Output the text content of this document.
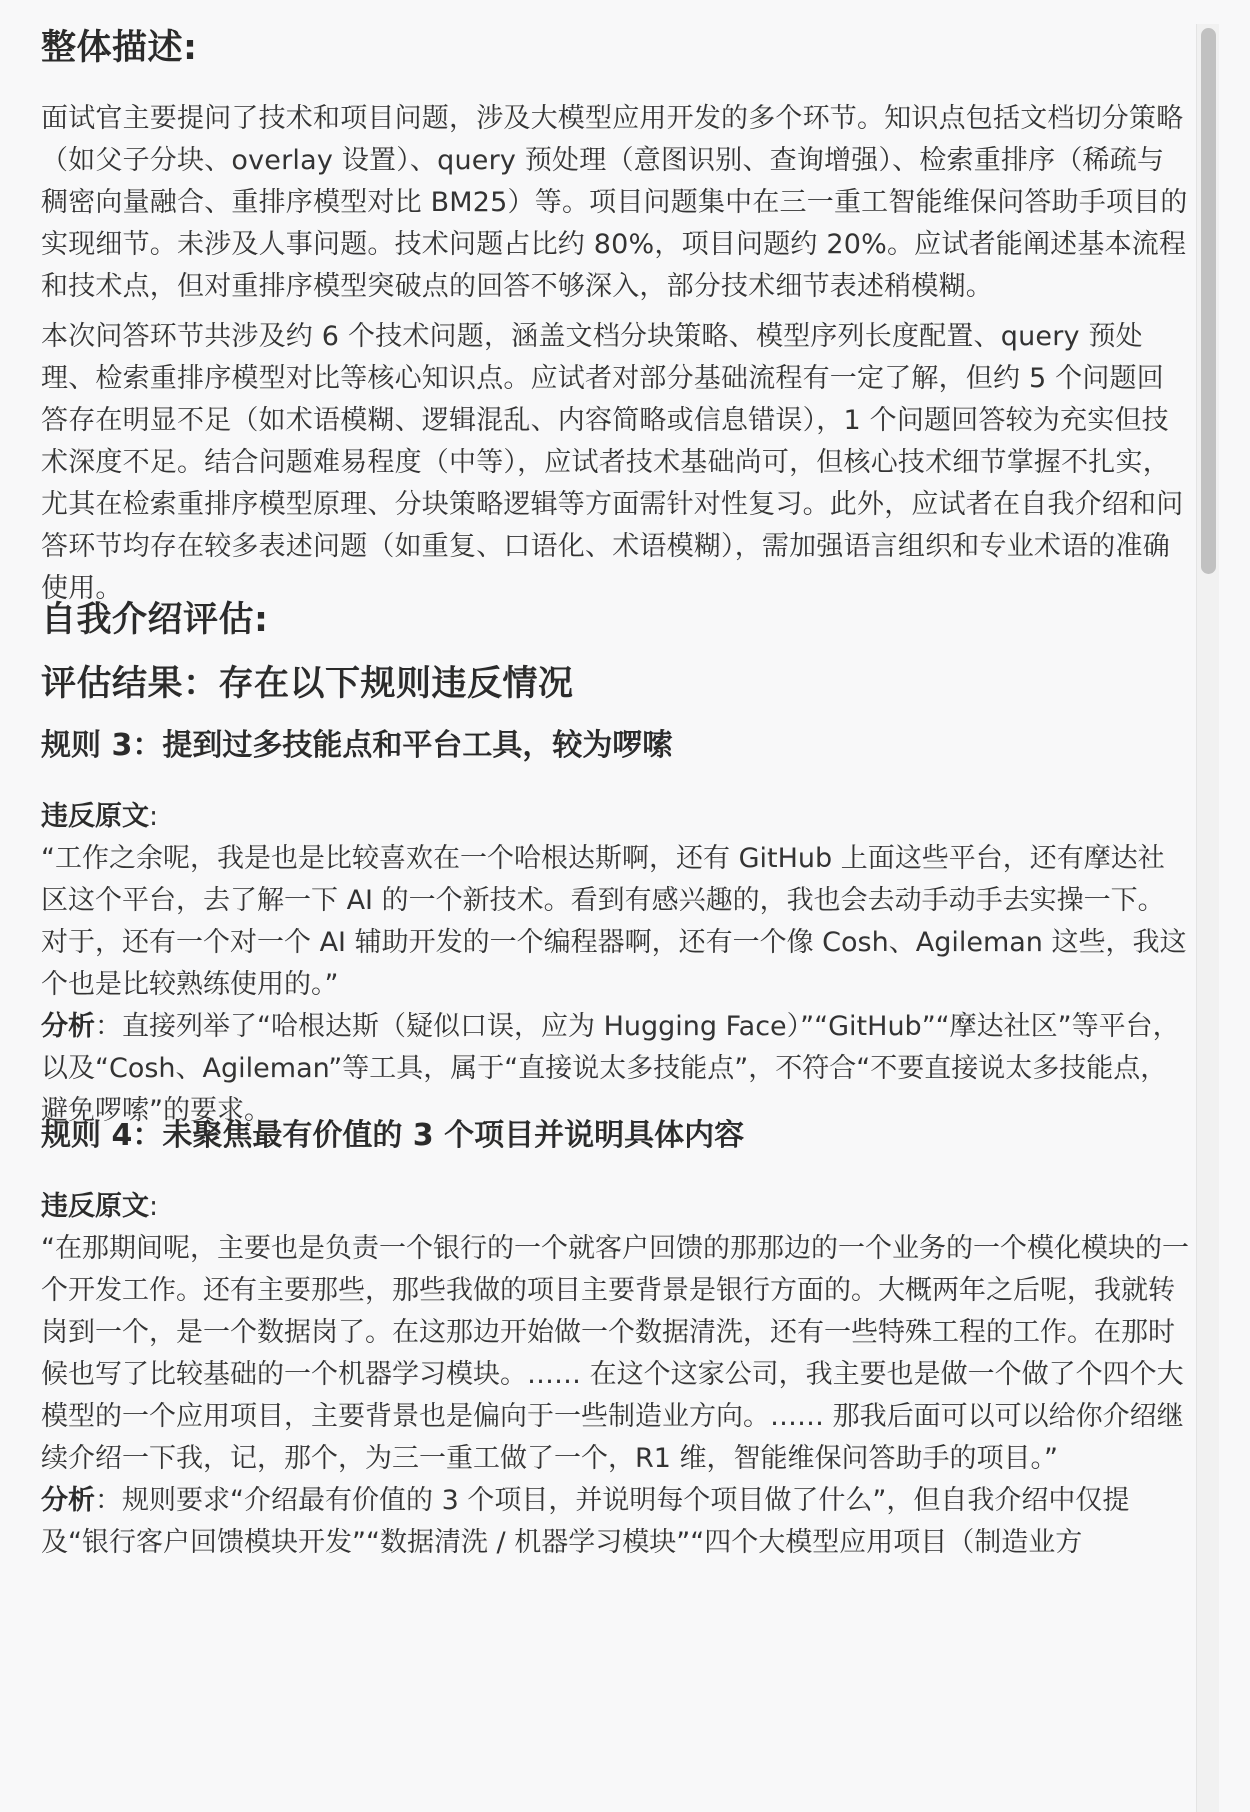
整体描述:

面试官主要提问了技术和项目问题，涉及大模型应用开发的多个环节。知识点包括文档切分策略（如父子分块、overlay 设置）、query 预处理（意图识别、查询增强）、检索重排序（稀疏与稠密向量融合、重排序模型对比 BM25）等。项目问题集中在三一重工智能维保问答助手项目的实现细节。未涉及人事问题。技术问题占比约 80%，项目问题约 20%。应试者能阐述基本流程和技术点，但对重排序模型突破点的回答不够深入，部分技术细节表述稍模糊。

本次问答环节共涉及约 6 个技术问题，涵盖文档分块策略、模型序列长度配置、query 预处理、检索重排序模型对比等核心知识点。应试者对部分基础流程有一定了解，但约 5 个问题回答存在明显不足（如术语模糊、逻辑混乱、内容简略或信息错误），1 个问题回答较为充实但技术深度不足。结合问题难易程度（中等），应试者技术基础尚可，但核心技术细节掌握不扎实，尤其在检索重排序模型原理、分块策略逻辑等方面需针对性复习。此外，应试者在自我介绍和问答环节均存在较多表述问题（如重复、口语化、术语模糊），需加强语言组织和专业术语的准确使用。

自我介绍评估:
评估结果：存在以下规则违反情况
规则 3：提到过多技能点和平台工具，较为啰嗦
违反原文:
“工作之余呢，我是也是比较喜欢在一个哈根达斯啊，还有 GitHub 上面这些平台，还有摩达社区这个平台，去了解一下 AI 的一个新技术。看到有感兴趣的，我也会去动手动手去实操一下。对于，还有一个对一个 AI 辅助开发的一个编程器啊，还有一个像 Cosh、Agileman 这些，我这个也是比较熟练使用的。”
分析：直接列举了“哈根达斯（疑似口误，应为 Hugging Face）”“GitHub”“摩达社区”等平台，以及“Cosh、Agileman”等工具，属于“直接说太多技能点”，不符合“不要直接说太多技能点，避免啰嗦”的要求。
规则 4：未聚焦最有价值的 3 个项目并说明具体内容
违反原文:
“在那期间呢，主要也是负责一个银行的一个就客户回馈的那那边的一个业务的一个模化模块的一个开发工作。还有主要那些，那些我做的项目主要背景是银行方面的。大概两年之后呢，我就转岗到一个，是一个数据岗了。在这那边开始做一个数据清洗，还有一些特殊工程的工作。在那时候也写了比较基础的一个机器学习模块。…… 在这个这家公司，我主要也是做一个做了个四个大模型的一个应用项目，主要背景也是偏向于一些制造业方向。…… 那我后面可以可以给你介绍继续介绍一下我，记，那个，为三一重工做了一个，R1 维，智能维保问答助手的项目。”
分析：规则要求“介绍最有价值的 3 个项目，并说明每个项目做了什么”，但自我介绍中仅提及“银行客户回馈模块开发”“数据清洗 / 机器学习模块”“四个大模型应用项目（制造业方
